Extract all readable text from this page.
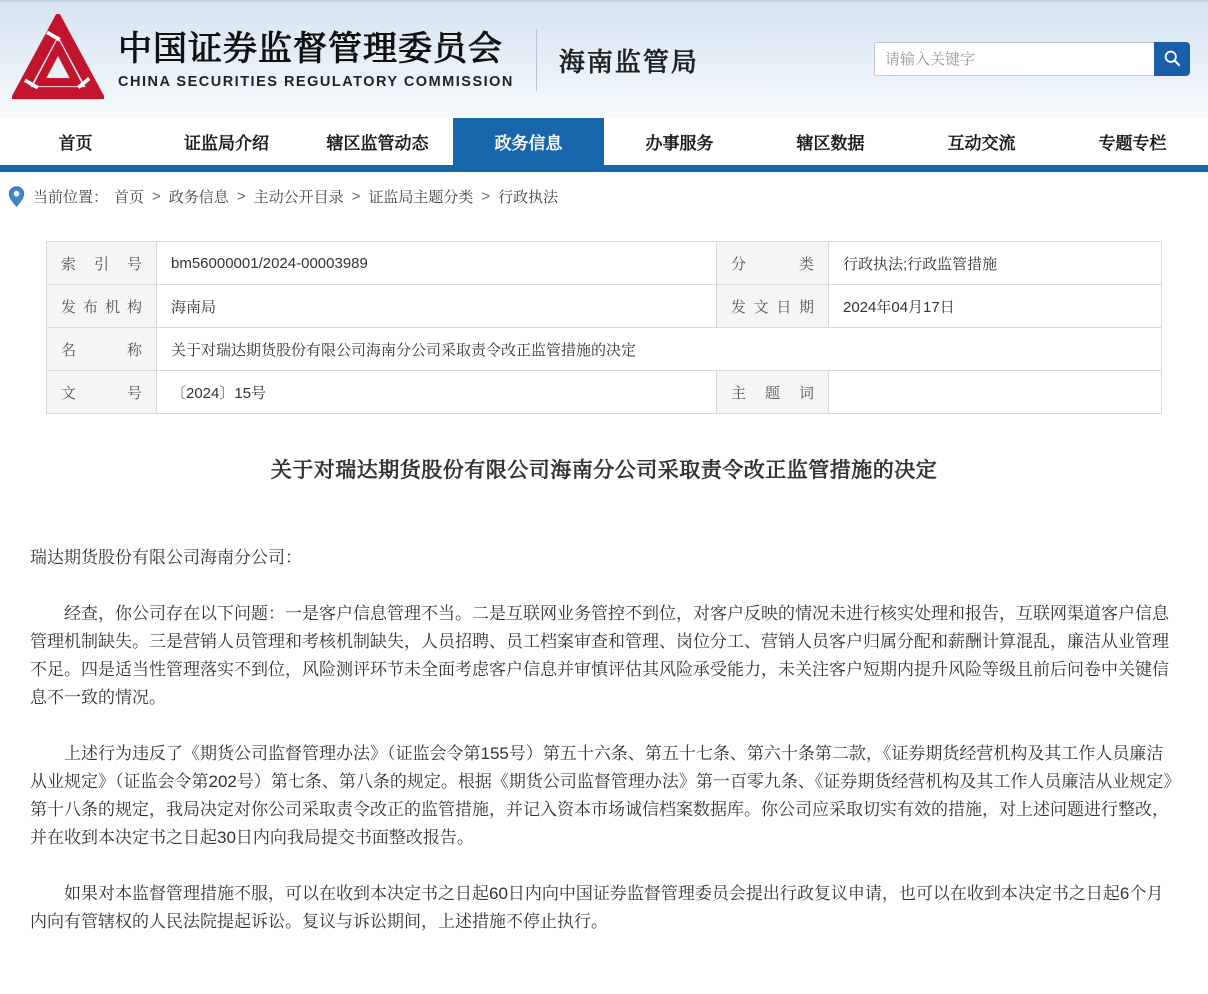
中国证券监督管理委员会
CHINA SECURITIES REGULATORY COMMISSION
海南监管局
请输入关键字
首页	证监局介绍	辖区监管动态	政务信息	办事服务	辖区数据	互动交流	专题专栏
当前位置： 首页 > 政务信息 > 主动公开目录 > 证监局主题分类 > 行政执法
索引号	bm56000001/2024-00003989	分类	行政执法;行政监管措施
发布机构	海南局	发文日期	2024年04月17日
名称	关于对瑞达期货股份有限公司海南分公司采取责令改正监管措施的决定
文号	〔2024〕15号	主题词
关于对瑞达期货股份有限公司海南分公司采取责令改正监管措施的决定

瑞达期货股份有限公司海南分公司：

经查，你公司存在以下问题：一是客户信息管理不当。二是互联网业务管控不到位，对客户反映的情况未进行核实处理和报告，互联网渠道客户信息管理机制缺失。三是营销人员管理和考核机制缺失，人员招聘、员工档案审查和管理、岗位分工、营销人员客户归属分配和薪酬计算混乱，廉洁从业管理不足。四是适当性管理落实不到位，风险测评环节未全面考虑客户信息并审慎评估其风险承受能力，未关注客户短期内提升风险等级且前后问卷中关键信息不一致的情况。

上述行为违反了《期货公司监督管理办法》（证监会令第155号）第五十六条、第五十七条、第六十条第二款，《证券期货经营机构及其工作人员廉洁从业规定》（证监会令第202号）第七条、第八条的规定。根据《期货公司监督管理办法》第一百零九条、《证券期货经营机构及其工作人员廉洁从业规定》第十八条的规定，我局决定对你公司采取责令改正的监管措施，并记入资本市场诚信档案数据库。你公司应采取切实有效的措施，对上述问题进行整改，并在收到本决定书之日起30日内向我局提交书面整改报告。

如果对本监督管理措施不服，可以在收到本决定书之日起60日内向中国证券监督管理委员会提出行政复议申请，也可以在收到本决定书之日起6个月内向有管辖权的人民法院提起诉讼。复议与诉讼期间，上述措施不停止执行。
